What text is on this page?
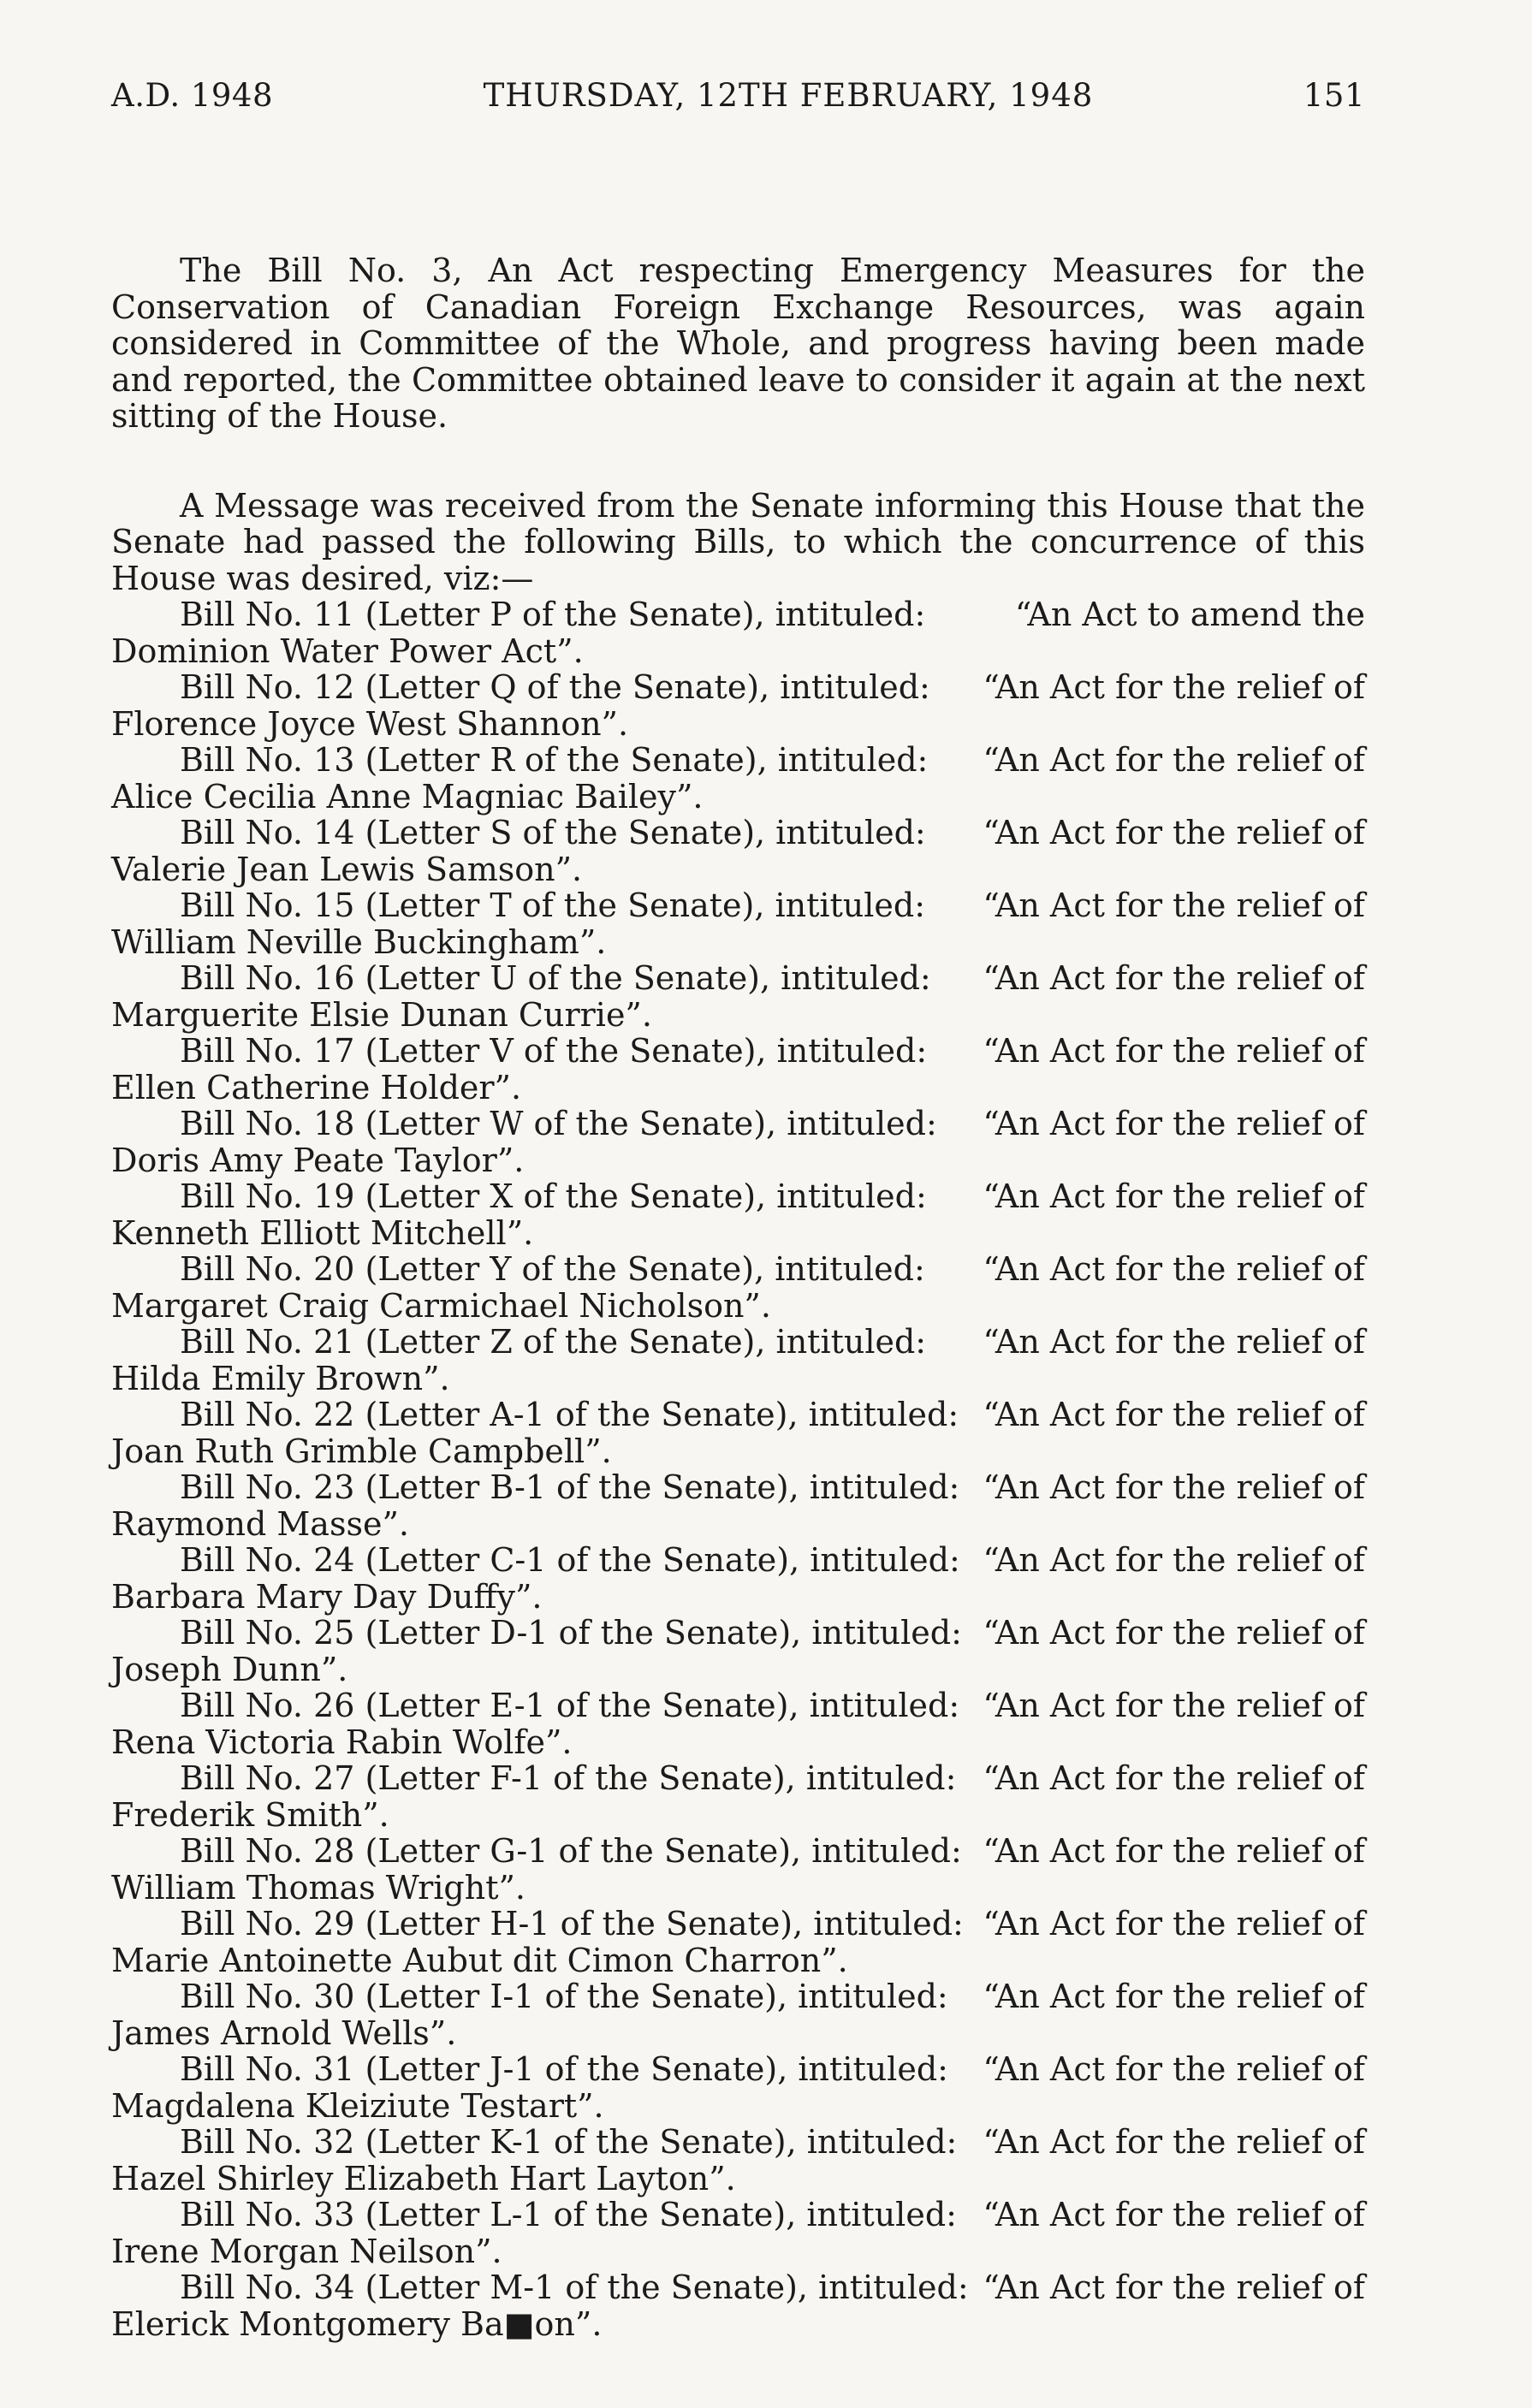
A.D. 1948	THURSDAY, 12TH FEBRUARY, 1948	151

The Bill No. 3, An Act respecting Emergency Measures for the Conservation of Canadian Foreign Exchange Resources, was again considered in Committee of the Whole, and progress having been made and reported, the Committee obtained leave to consider it again at the next sitting of the House.

A Message was received from the Senate informing this House that the Senate had passed the following Bills, to which the concurrence of this House was desired, viz:—

Bill No. 11 (Letter P of the Senate), intituled:	“An Act to amend the
Dominion Water Power Act”.
Bill No. 12 (Letter Q of the Senate), intituled: “An Act for the relief of
Florence Joyce West Shannon”.
Bill No. 13 (Letter R of the Senate), intituled: “An Act for the relief of
Alice Cecilia Anne Magniac Bailey”.
Bill No. 14 (Letter S of the Senate), intituled: “An Act for the relief of
Valerie Jean Lewis Samson”.
Bill No. 15 (Letter T of the Senate), intituled: “An Act for the relief of
William Neville Buckingham”.
Bill No. 16 (Letter U of the Senate), intituled: “An Act for the relief of
Marguerite Elsie Dunan Currie”.
Bill No. 17 (Letter V of the Senate), intituled: “An Act for the relief of
Ellen Catherine Holder”.
Bill No. 18 (Letter W of the Senate), intituled: “An Act for the relief of
Doris Amy Peate Taylor”.
Bill No. 19 (Letter X of the Senate), intituled: “An Act for the relief of
Kenneth Elliott Mitchell”.
Bill No. 20 (Letter Y of the Senate), intituled: “An Act for the relief of
Margaret Craig Carmichael Nicholson”.
Bill No. 21 (Letter Z of the Senate), intituled: “An Act for the relief of
Hilda Emily Brown”.
Bill No. 22 (Letter A-1 of the Senate), intituled: “An Act for the relief of
Joan Ruth Grimble Campbell”.
Bill No. 23 (Letter B-1 of the Senate), intituled: “An Act for the relief of
Raymond Masse”.
Bill No. 24 (Letter C-1 of the Senate), intituled: “An Act for the relief of
Barbara Mary Day Duffy”.
Bill No. 25 (Letter D-1 of the Senate), intituled: “An Act for the relief of
Joseph Dunn”.
Bill No. 26 (Letter E-1 of the Senate), intituled: “An Act for the relief of
Rena Victoria Rabin Wolfe”.
Bill No. 27 (Letter F-1 of the Senate), intituled: “An Act for the relief of
Frederik Smith”.
Bill No. 28 (Letter G-1 of the Senate), intituled: “An Act for the relief of
William Thomas Wright”.
Bill No. 29 (Letter H-1 of the Senate), intituled: “An Act for the relief of
Marie Antoinette Aubut dit Cimon Charron”.
Bill No. 30 (Letter I-1 of the Senate), intituled: “An Act for the relief of
James Arnold Wells”.
Bill No. 31 (Letter J-1 of the Senate), intituled: “An Act for the relief of
Magdalena Kleiziute Testart”.
Bill No. 32 (Letter K-1 of the Senate), intituled: “An Act for the relief of
Hazel Shirley Elizabeth Hart Layton”.
Bill No. 33 (Letter L-1 of the Senate), intituled: “An Act for the relief of
Irene Morgan Neilson”.
Bill No. 34 (Letter M-1 of the Senate), intituled: “An Act for the relief of
Elerick Montgomery Ba■on”.
